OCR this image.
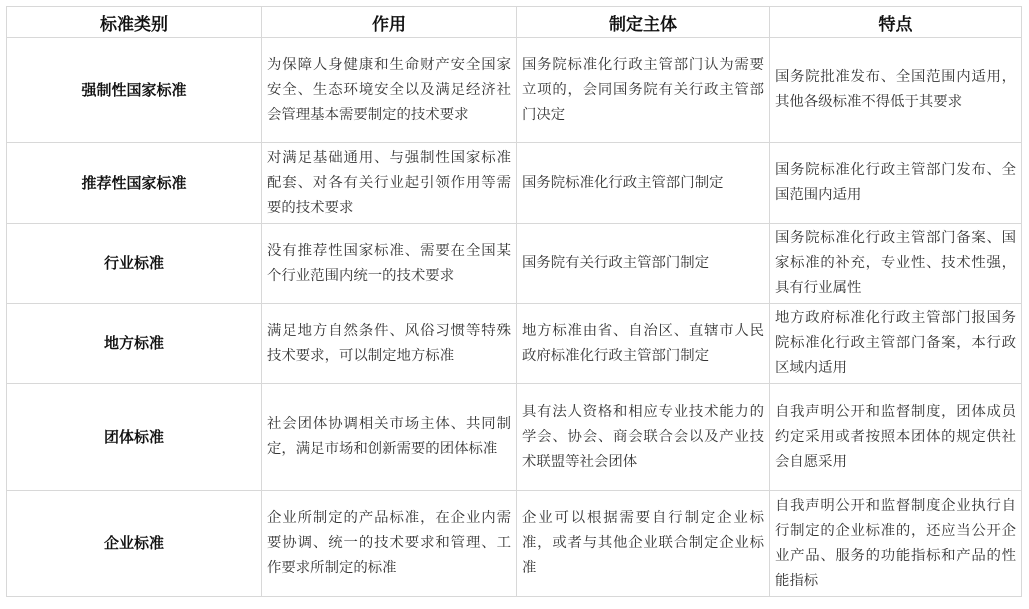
标准类别	作用	制定主体	特点
强制性国家标准	为保障人身健康和生命财产安全国家安全、生态环境安全以及满足经济社会管理基本需要制定的技术要求	国务院标准化行政主管部门认为需要立项的，会同国务院有关行政主管部门决定	国务院批准发布、全国范围内适用，其他各级标准不得低于其要求
推荐性国家标准	对满足基础通用、与强制性国家标准配套、对各有关行业起引领作用等需要的技术要求	国务院标准化行政主管部门制定	国务院标准化行政主管部门发布、全国范围内适用
行业标准	没有推荐性国家标准、需要在全国某个行业范围内统一的技术要求	国务院有关行政主管部门制定	国务院标准化行政主管部门备案、国家标准的补充，专业性、技术性强，具有行业属性
地方标准	满足地方自然条件、风俗习惯等特殊技术要求，可以制定地方标准	地方标准由省、自治区、直辖市人民政府标准化行政主管部门制定	地方政府标准化行政主管部门报国务院标准化行政主管部门备案，本行政区域内适用
团体标准	社会团体协调相关市场主体、共同制定，满足市场和创新需要的团体标准	具有法人资格和相应专业技术能力的学会、协会、商会联合会以及产业技术联盟等社会团体	自我声明公开和监督制度，团体成员约定采用或者按照本团体的规定供社会自愿采用
企业标准	企业所制定的产品标准，在企业内需要协调、统一的技术要求和管理、工作要求所制定的标准	企业可以根据需要自行制定企业标准，或者与其他企业联合制定企业标准	自我声明公开和监督制度企业执行自行制定的企业标准的，还应当公开企业产品、服务的功能指标和产品的性能指标
